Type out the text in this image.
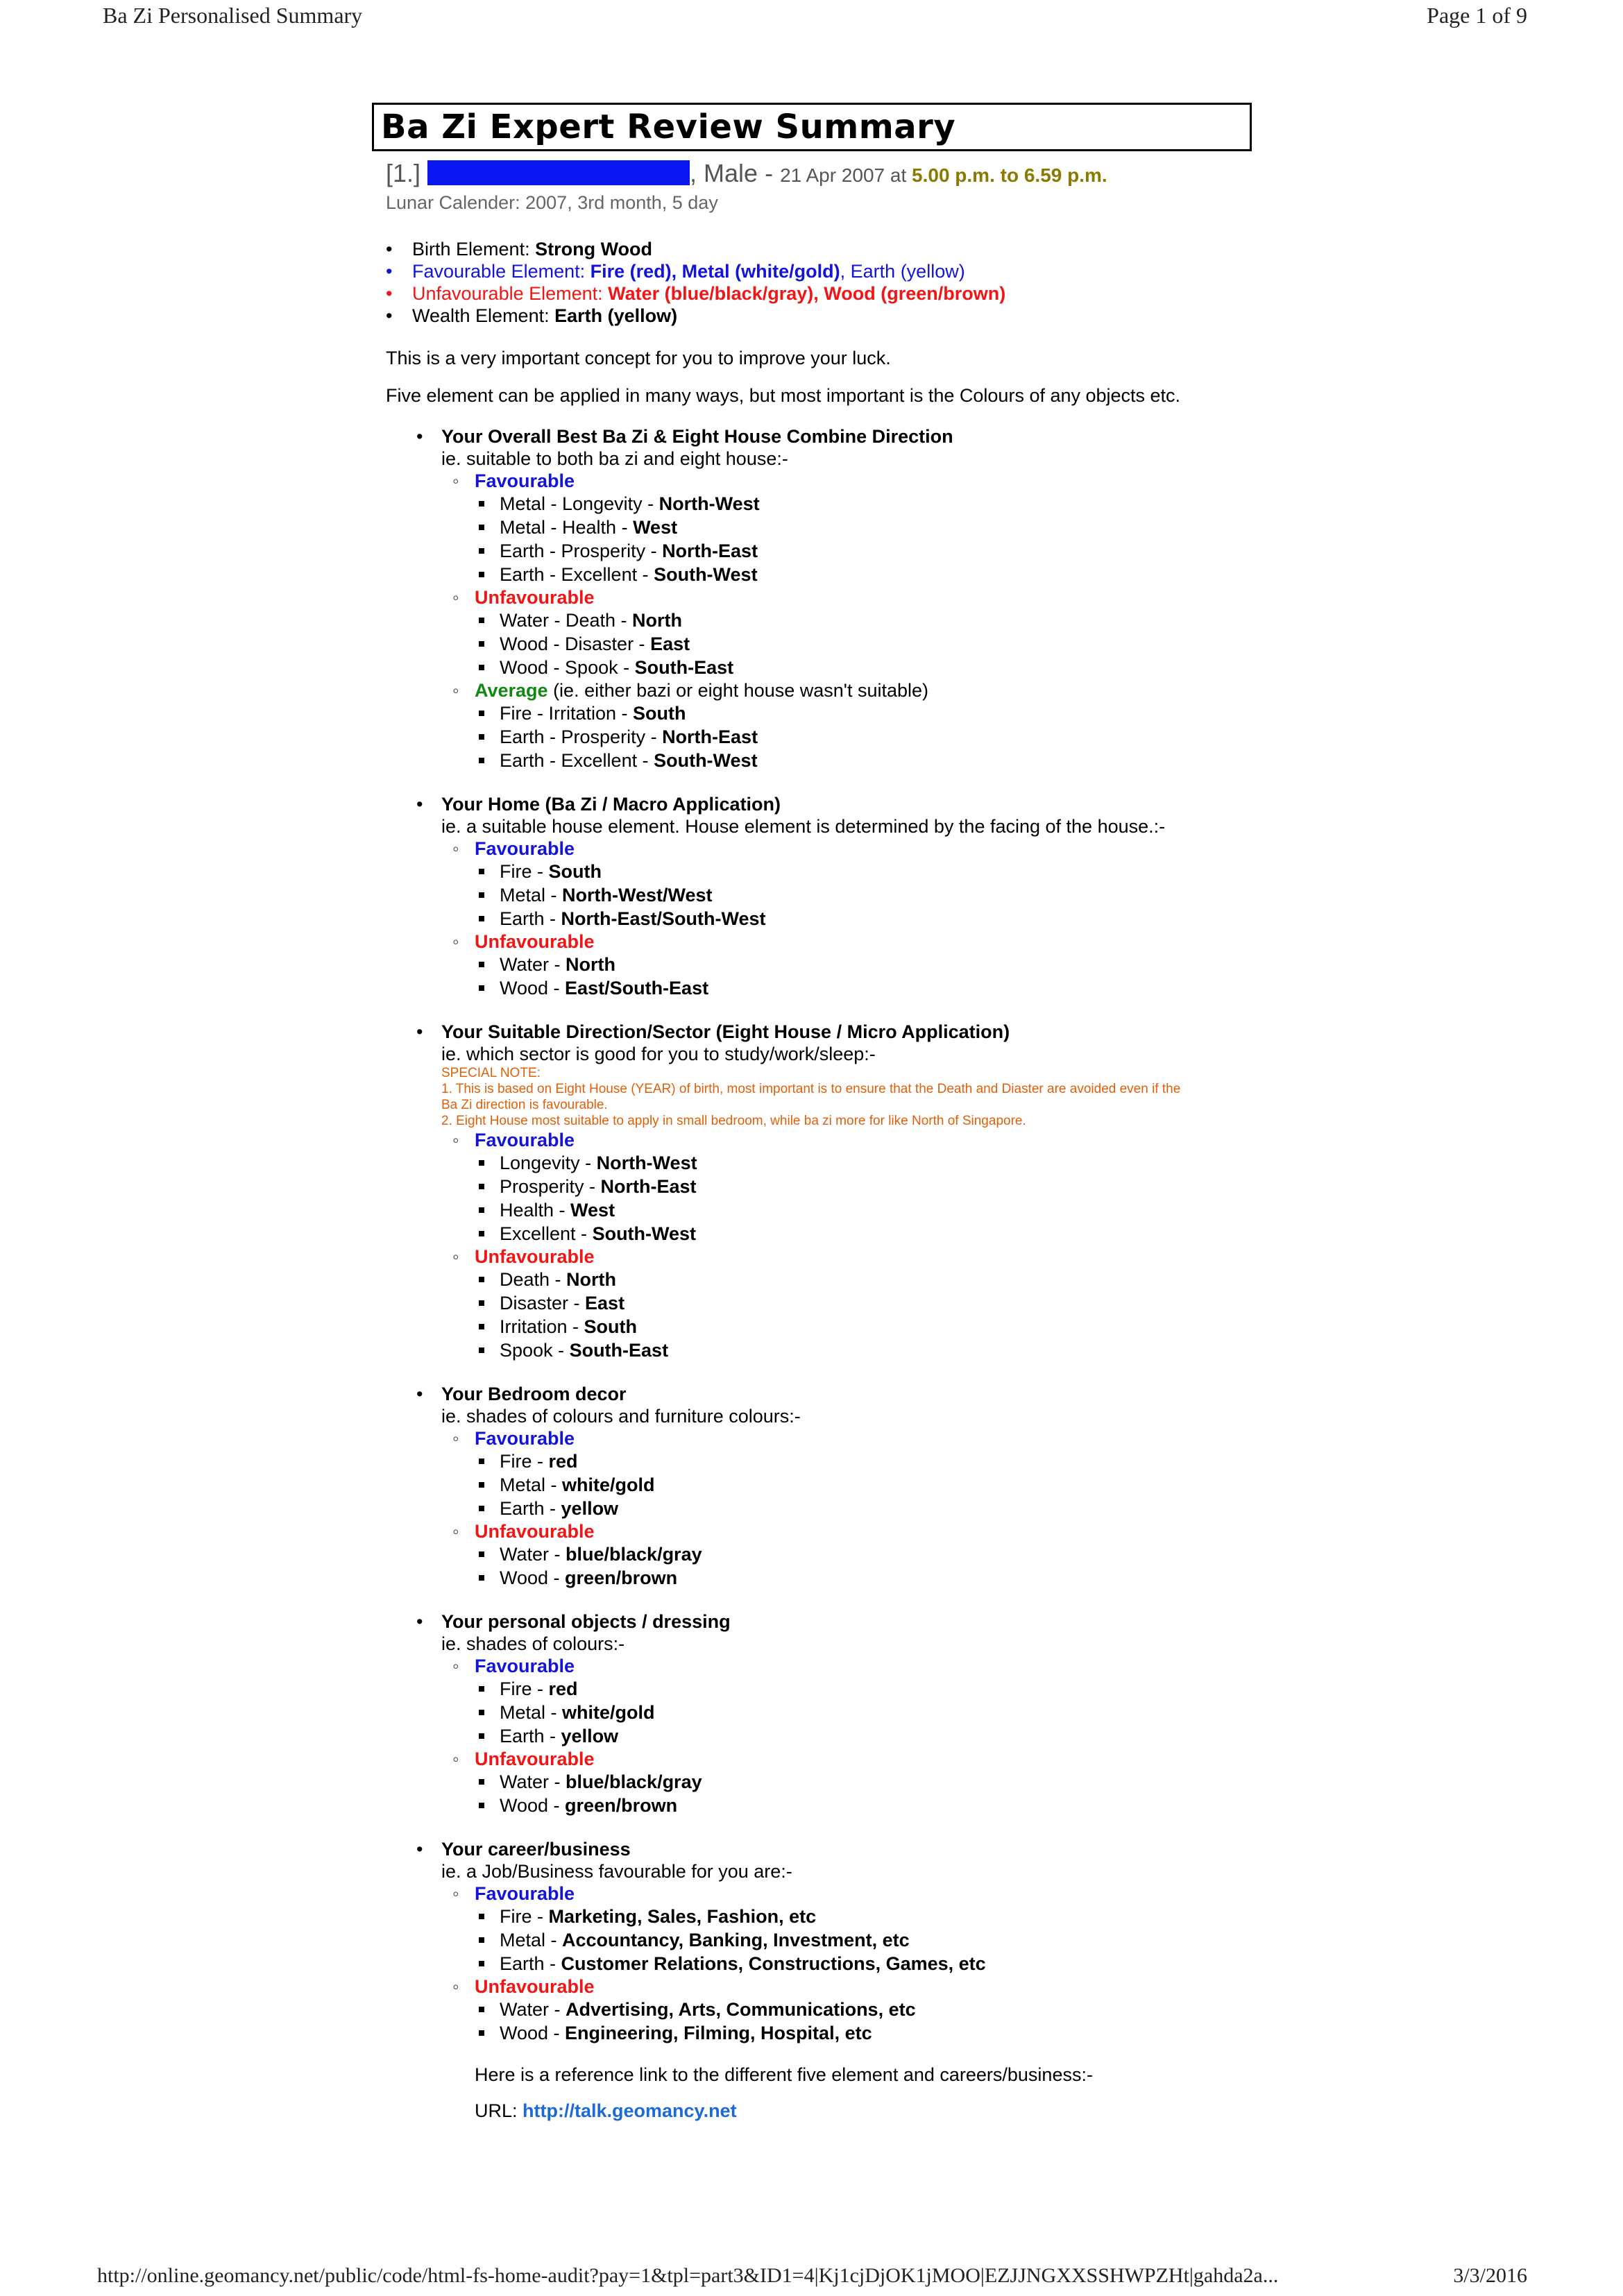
Ba Zi Personalised Summary	Page 1 of 9
Ba Zi Expert Review Summary
[1.]	, Male - 21 Apr 2007 at 5.00 p.m. to 6.59 p.m.
Lunar Calender: 2007, 3rd month, 5 day
• Birth Element: Strong Wood
• Favourable Element: Fire (red), Metal (white/gold), Earth (yellow)
• Unfavourable Element: Water (blue/black/gray), Wood (green/brown)
• Wealth Element: Earth (yellow)
This is a very important concept for you to improve your luck.
Five element can be applied in many ways, but most important is the Colours of any objects etc.
• Your Overall Best Ba Zi & Eight House Combine Direction
ie. suitable to both ba zi and eight house:-
◦ Favourable
Metal - Longevity - North-West
Metal - Health - West
Earth - Prosperity - North-East
Earth - Excellent - South-West
◦ Unfavourable
Water - Death - North
Wood - Disaster - East
Wood - Spook - South-East
◦ Average (ie. either bazi or eight house wasn't suitable)
Fire - Irritation - South
Earth - Prosperity - North-East
Earth - Excellent - South-West
• Your Home (Ba Zi / Macro Application)
ie. a suitable house element. House element is determined by the facing of the house.:-
◦ Favourable
Fire - South
Metal - North-West/West
Earth - North-East/South-West
◦ Unfavourable
Water - North
Wood - East/South-East
• Your Suitable Direction/Sector (Eight House / Micro Application)
ie. which sector is good for you to study/work/sleep:-
SPECIAL NOTE:
1. This is based on Eight House (YEAR) of birth, most important is to ensure that the Death and Diaster are avoided even if the Ba Zi direction is favourable.
2. Eight House most suitable to apply in small bedroom, while ba zi more for like North of Singapore.
◦ Favourable
Longevity - North-West
Prosperity - North-East
Health - West
Excellent - South-West
◦ Unfavourable
Death - North
Disaster - East
Irritation - South
Spook - South-East
• Your Bedroom decor
ie. shades of colours and furniture colours:-
◦ Favourable
Fire - red
Metal - white/gold
Earth - yellow
◦ Unfavourable
Water - blue/black/gray
Wood - green/brown
• Your personal objects / dressing
ie. shades of colours:-
◦ Favourable
Fire - red
Metal - white/gold
Earth - yellow
◦ Unfavourable
Water - blue/black/gray
Wood - green/brown
• Your career/business
ie. a Job/Business favourable for you are:-
◦ Favourable
Fire - Marketing, Sales, Fashion, etc
Metal - Accountancy, Banking, Investment, etc
Earth - Customer Relations, Constructions, Games, etc
◦ Unfavourable
Water - Advertising, Arts, Communications, etc
Wood - Engineering, Filming, Hospital, etc
Here is a reference link to the different five element and careers/business:-
URL: http://talk.geomancy.net
http://online.geomancy.net/public/code/html-fs-home-audit?pay=1&tpl=part3&ID1=4|Kj1cjDjOK1jMOO|EZJJNGXXSSHWPZHt|gahda2a...	3/3/2016
